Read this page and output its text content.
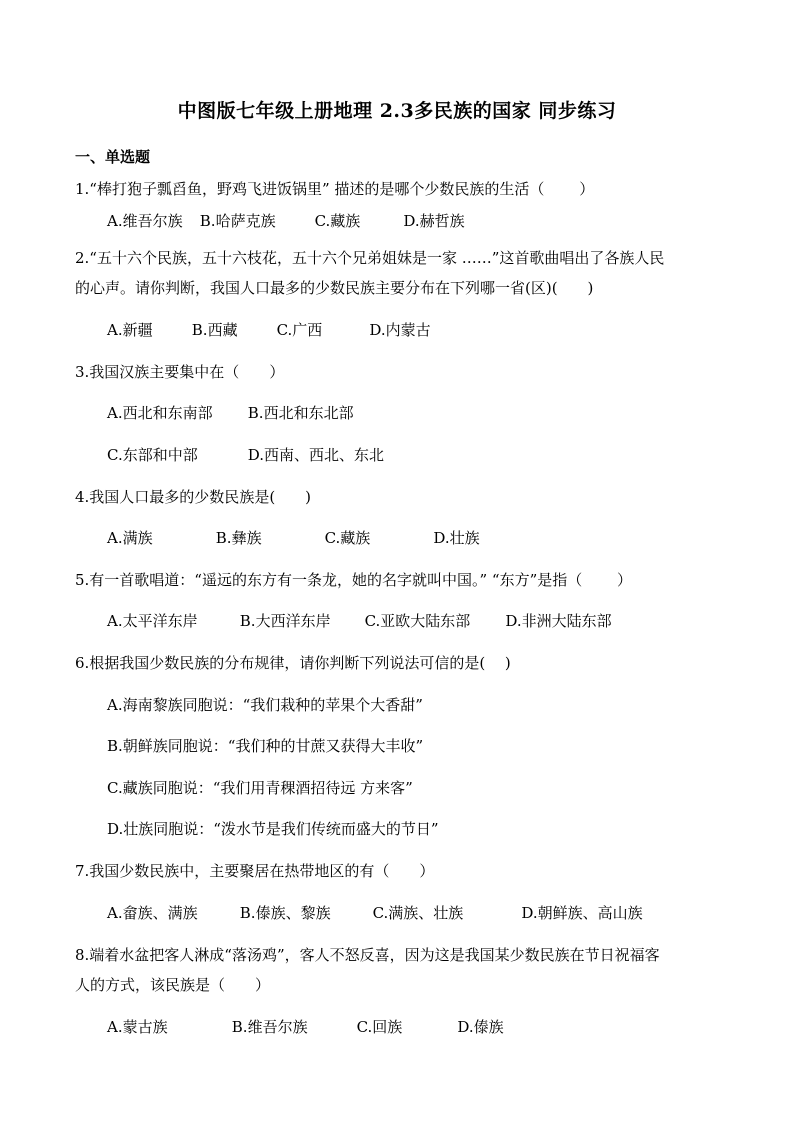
中图版七年级上册地理 2.3多民族的国家 同步练习
一、单选题
1.“棒打狍子瓢舀鱼，野鸡飞进饭锅里” 描述的是哪个少数民族的生活（　　 ）
A.维吾尔族 B.哈萨克族	C.藏族	D.赫哲族
2.“五十六个民族，五十六枝花，五十六个兄弟姐妹是一家 ……”这首歌曲唱出了各族人民
的心声。请你判断，我国人口最多的少数民族主要分布在下列哪一省(区)(　　)
A.新疆	B.西藏	C.广西	D.内蒙古
3.我国汉族主要集中在（　　）
A.西北和东南部 B.西北和东北部
C.东部和中部	D.西南、西北、东北
4.我国人口最多的少数民族是(　　)
A.满族	B.彝族	C.藏族	D.壮族
5.有一首歌唱道：“遥远的东方有一条龙，她的名字就叫中国。” “东方”是指（　　 ）
A.太平洋东岸	B.大西洋东岸 C.亚欧大陆东部 D.非洲大陆东部
6.根据我国少数民族的分布规律，请你判断下列说法可信的是(　 )
A.海南黎族同胞说：“我们栽种的苹果个大香甜”
B.朝鲜族同胞说：“我们种的甘蔗又获得大丰收”
C.藏族同胞说：“我们用青稞酒招待远 方来客”
D.壮族同胞说：“泼水节是我们传统而盛大的节日”
7.我国少数民族中，主要聚居在热带地区的有（　　）
A.畲族、满族	B.傣族、黎族	C.满族、壮族	D.朝鲜族、高山族
8.端着水盆把客人淋成“落汤鸡”，客人不怒反喜，因为这是我国某少数民族在节日祝福客
人的方式，该民族是（　　）
A.蒙古族	B.维吾尔族	C.回族	D.傣族
